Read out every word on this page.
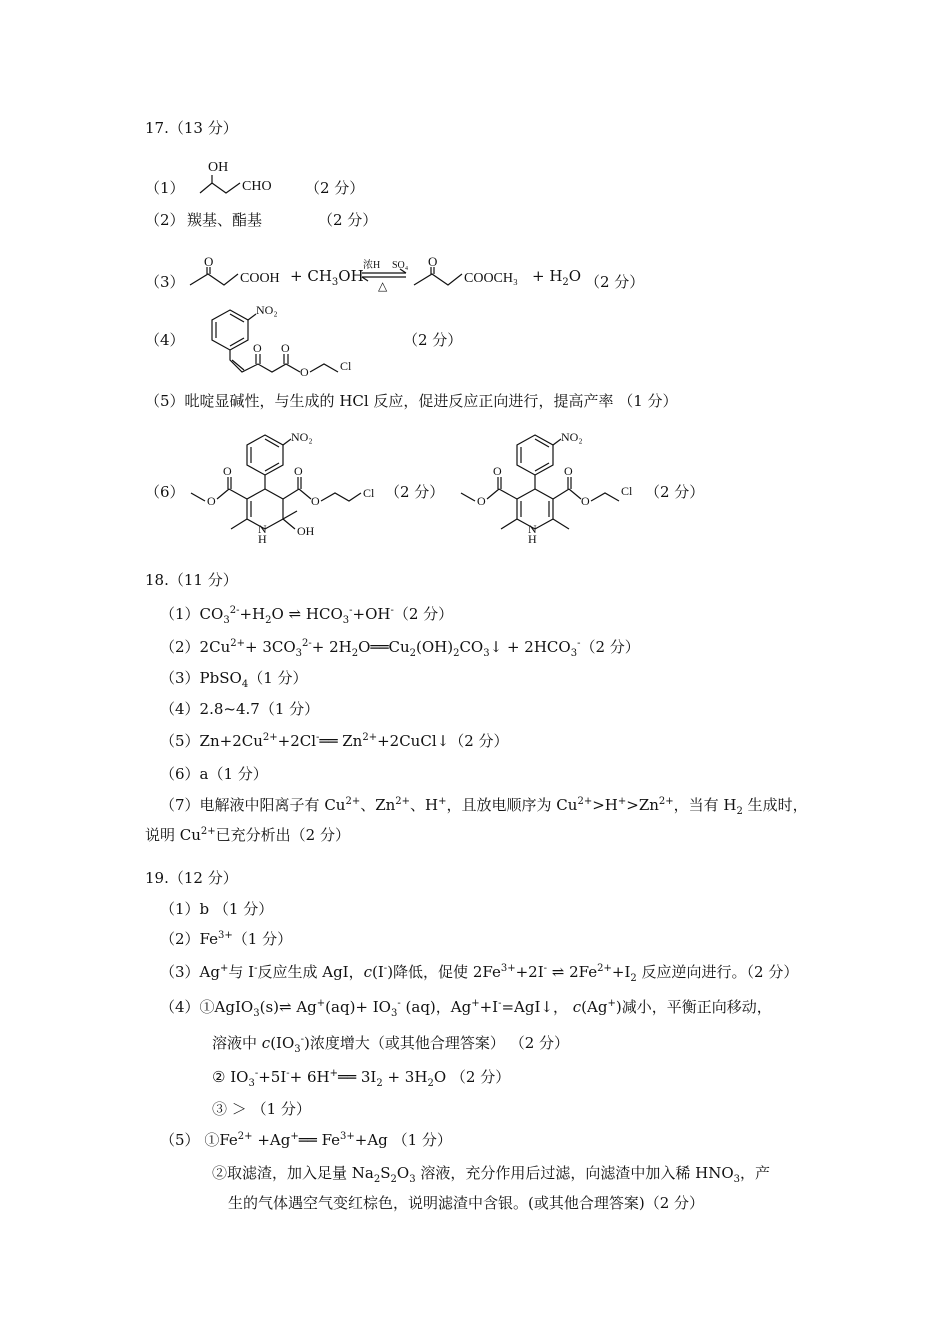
17.（13 分）
（1）
OH
CHO （2 分）
（2） 羰基、酯基	（2 分）
（3）
O
COOH + $CH_3OH$
浓H SO₄
△
O
COOCH₃ + $H_2O$ （2 分）
（4）
NO₂
O O
O	Cl
（2 分）
（5）吡啶显碱性，与生成的 HCl 反应，促进反应正向进行，提高产率 （1 分）
（6）
NO₂
H
N	OH
O
O
O
O
Cl （2 分）
NO₂
H
N
O
O
O
O
Cl （2 分）
18.（11 分）
$(1)CO_3^{2-}+H_2O$ ⇌ $HCO_3^-+OH^-(2$ 分）
$(2)2Cu^{2+}+ 3CO_3^{2-}+$ $2H_2O══Cu_2(OH)_2CO_3↓ + 2HCO_3^-(2$ 分）
（3）PbSO$_4$（1 分）
（4）2.8~4.7（1 分）
$(5)Zn+2Cu^{2+}+2Cl^-══$ $Zn^{2+}+2CuCl↓(2$ 分）
（6）a（1 分）
（7）电解液中阳离子有 $Cu^{2+}$、$Zn^{2+}$、H+，且放电顺序为 $Cu^{2+}>H^+>Zn^{2+}$，当有 $H_2$ 生成时，
说明 $Cu^{2+}$已充分析出（2 分）
19.（12 分）
（1）b （1 分）
$(2)Fe^{3+}(1$ 分）
（3）Ag+与 I-反应生成 AgI，c(I-)降低，促使 $2Fe^{3+}+2I^-$ ⇌ $2Fe^{2+}+I_2$ 反应逆向进行。（2 分）
（4）①AgIO$_3$(s)⇌ $Ag^+(aq)+ IO_3^-$ (aq)，Ag++I-=AgI↓， c(Ag+)减小，平衡正向移动，
溶液中 $c(IO_3^-)$浓度增大（或其他合理答案） （2 分）
② $IO_3^-+5I^-+$ 6H+══ $3I_2 + 3H_2O$ （2 分）
③ ＞ （1 分）
（5） $①Fe^{2+}$ +Ag+══ $Fe^{3+}+Ag$ （1 分）
②取滤渣，加入足量 $Na_2S_2O_3$ 溶液，充分作用后过滤，向滤渣中加入稀 $HNO_3$，产
生的气体遇空气变红棕色，说明滤渣中含银。(或其他合理答案)（2 分）
